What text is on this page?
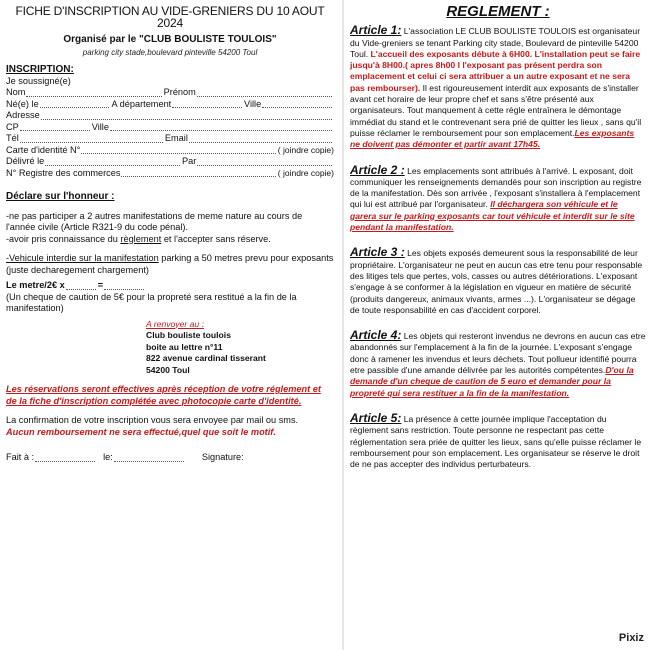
FICHE D'INSCRIPTION AU VIDE-GRENIERS DU 10 AOUT 2024
Organisé par le "CLUB BOULISTE TOULOIS"
parking city stade,boulevard pinteville 54200 Toul
INSCRIPTION:
Je soussigné(e)
Nom	Prénom
Né(e) le	A département	Ville
Adresse
CP	Ville
Tél	Email
Carte d'identité N°	( joindre copie)
Délivré le	Par
N° Registre des commerces	( joindre copie)
Déclare sur l'honneur :
-ne pas participer a 2 autres manifestations de meme nature au cours de l'année civile (Article R321-9 du code pénal).
-avoir pris connaissance du règlement et l'accepter sans réserve.
-Vehicule interdie sur la manifestation parking a 50 metres prevu pour exposants (juste decharegement chargement)
Le metre/2€ x	=
(Un cheque de caution de 5€ pour la propreté sera restitué a la fin de la manifestation)
A renvoyer au :
Club bouliste toulois
boite au lettre n°11
822 avenue cardinal tisserant
54200 Toul
Les réservations seront effectives après réception de votre réglement et de la fiche d'inscription complétée avec photocopie carte d'identité.
La confirmation de votre inscription vous sera envoyee par mail ou sms.
Aucun remboursement ne sera effectué,quel que soit le motif.
Fait à :	le:	Signature:
REGLEMENT :
Article 1: L'association LE CLUB BOULISTE TOULOIS est organisateur du Vide-greniers se tenant Parking city stade, Boulevard de pinteville 54200 Toul. L'accueil des exposants débute à 6H00. L'installation peut se faire jusqu'à 8H00.( apres 8h00 l l'exposant pas présent perdra son emplacement et celui ci sera attribuer a un autre exposant et ne sera pas rembourser). Il est rigoureusement interdit aux exposants de s'installer avant cet horaire de leur propre chef et sans s'être présenté aux organisateurs. Tout manquement à cette règle entraînera le démontage immédiat du stand et le contrevenant sera prié de quitter les lieux , sans qu'il puisse réclamer le remboursement pour son emplacement.Les exposants ne doivent pas démonter et partir avant 17h45.
Article 2 : Les emplacements sont attribués à l'arrivé. L exposant, doit communiquer les renseignements demandés pour son inscription au registre de la manifestation. Dès son arrivée , l'exposant s'installera à l'emplacement qui lui est attribué par l'organisateur. Il déchargera son véhicule et le garera sur le parking exposants car tout véhicule et interdit sur le site pendant la manifestation.
Article 3 : Les objets exposés demeurent sous la responsabilité de leur propriétaire. L'organisateur ne peut en aucun cas etre tenu pour responsable des litiges tels que pertes, vols, casses ou autres détériorations. L'exposant s'engage à se conformer à la législation en vigueur en matière de sécurité (produits dangereux, animaux vivants, armes ...). L'organisateur se dégage de toute responsabilité en cas d'accident corporel.
Article 4: Les objets qui resteront invendus ne devrons en aucun cas etre abandonnés sur l'emplacement à la fin de la journée. L'exposant s'engage donc à ramener les invendus et leurs déchets. Tout pollueur identifié pourra etre passible d'une amande délivrée par les autorités compétentes.D'ou la demande d'un cheque de caution de 5 euro et demander pour la propreté qui sera restituer a la fin de la manifestation.
Article 5: La présence à cette journée implique l'acceptation du règlement sans restriction. Toute personne ne respectant pas cette réglementation sera priée de quitter les lieux, sans qu'elle puisse réclamer le remboursement pour son emplacement. Les organisateur se réserve le droit de ne pas accepter des individus perturbateurs.
Pixiz
